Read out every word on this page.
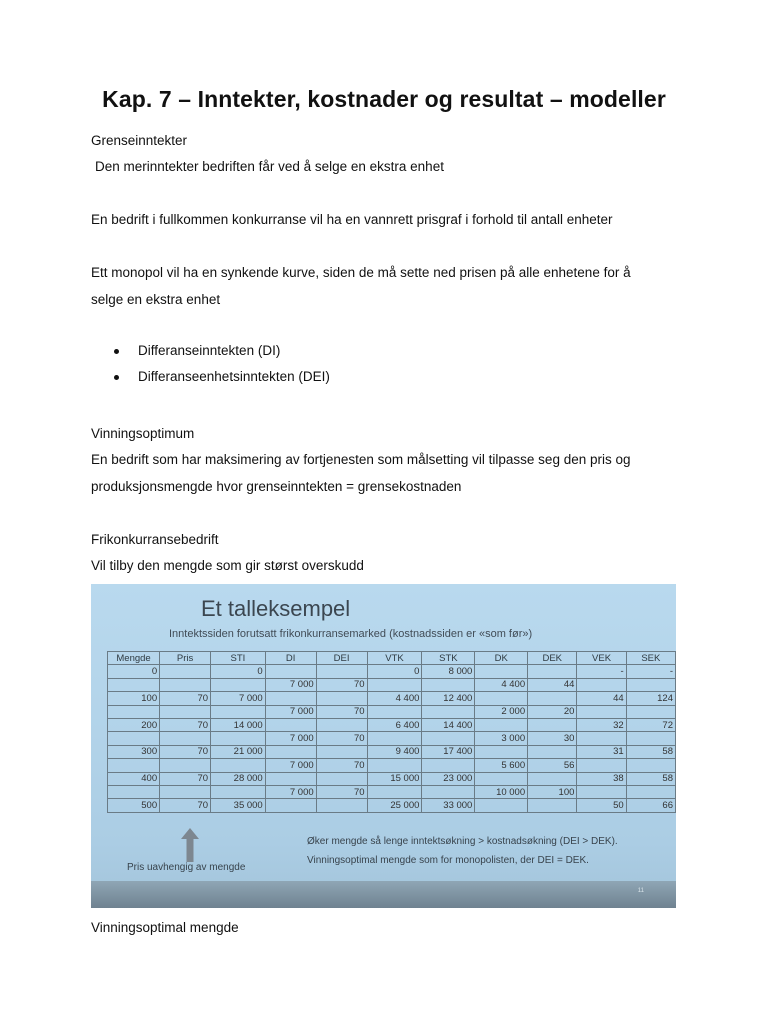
Kap. 7 – Inntekter, kostnader og resultat – modeller

Grenseinntekter

Den merinntekter bedriften får ved å selge en ekstra enhet

En bedrift i fullkommen konkurranse vil ha en vannrett prisgraf i forhold til antall enheter

Ett monopol vil ha en synkende kurve, siden de må sette ned prisen på alle enhetene for å

selge en ekstra enhet

Differanseinntekten (DI)
Differanseenhetsinntekten (DEI)

Vinningsoptimum

En bedrift som har maksimering av fortjenesten som målsetting vil tilpasse seg den pris og

produksjonsmengde hvor grenseinntekten = grensekostnaden

Frikonkurransebedrift

Vil tilby den mengde som gir størst overskudd

Et talleksempel

Inntektssiden forutsatt frikonkurransemarked (kostnadssiden er «som før»)

Mengde	Pris	STI	DI	DEI	VTK	STK	DK	DEK	VEK	SEK
0		0			0	8 000			-	-
			7 000	70			4 400	44		
100	70	7 000			4 400	12 400			44	124
			7 000	70			2 000	20		
200	70	14 000			6 400	14 400			32	72
			7 000	70			3 000	30		
300	70	21 000			9 400	17 400			31	58
			7 000	70			5 600	56		
400	70	28 000			15 000	23 000			38	58
			7 000	70			10 000	100		
500	70	35 000			25 000	33 000			50	66

Pris uavhengig av mengde

Øker mengde så lenge inntektsøkning > kostnadsøkning (DEI > DEK).

Vinningsoptimal mengde som for monopolisten, der DEI = DEK.

11

Vinningsoptimal mengde
